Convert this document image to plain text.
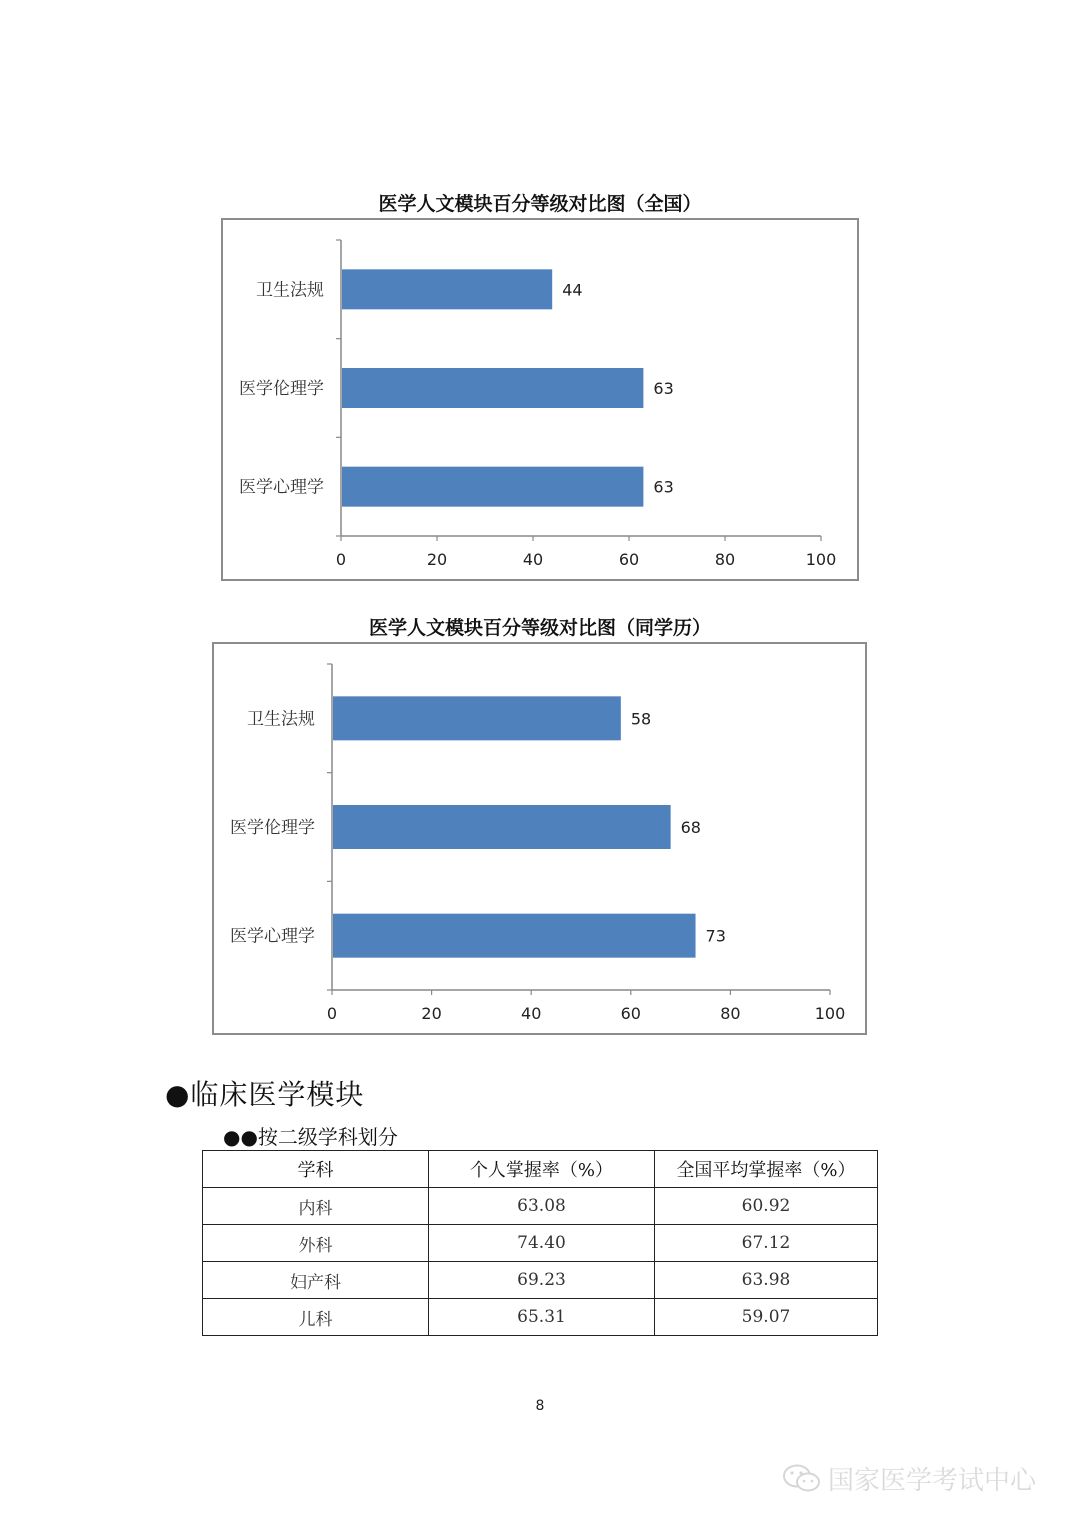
医学人文模块百分等级对比图（全国）
0	20	40	60	80	100
卫生法规	44
医学伦理学	63
医学心理学	63
医学人文模块百分等级对比图（同学历）
0	20	40	60	80	100
卫生法规	58
医学伦理学	68
医学心理学	73
●临床医学模块
●●按二级学科划分
学科	个人掌握率（%）	全国平均掌握率（%）
内科	63.08	60.92
外科	74.40	67.12
妇产科	69.23	63.98
儿科	65.31	59.07
8
国家医学考试中心
